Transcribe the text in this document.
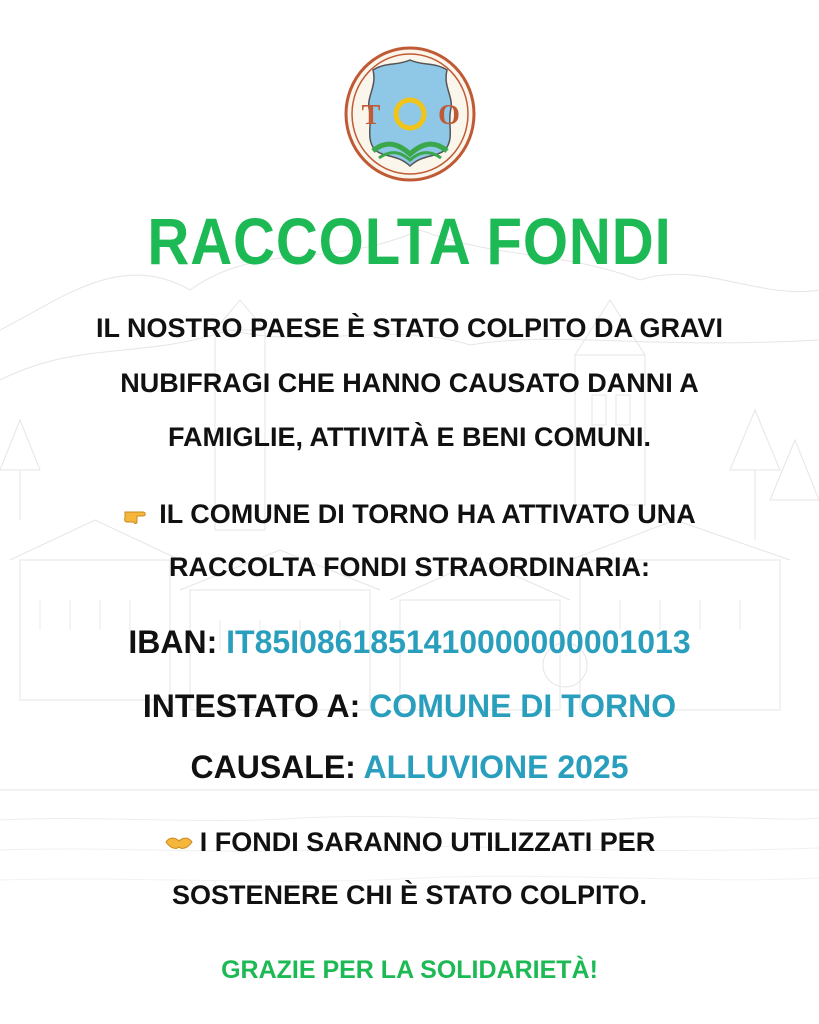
T O
RACCOLTA FONDI
IL NOSTRO PAESE È STATO COLPITO DA GRAVI
NUBIFRAGI CHE HANNO CAUSATO DANNI A
FAMIGLIE, ATTIVITÀ E BENI COMUNI.
IL COMUNE DI TORNO HA ATTIVATO UNA
RACCOLTA FONDI STRAORDINARIA:
IBAN: IT85I0861851410000000001013
INTESTATO A: COMUNE DI TORNO
CAUSALE: ALLUVIONE 2025
I FONDI SARANNO UTILIZZATI PER
SOSTENERE CHI È STATO COLPITO.
GRAZIE PER LA SOLIDARIETÀ!
